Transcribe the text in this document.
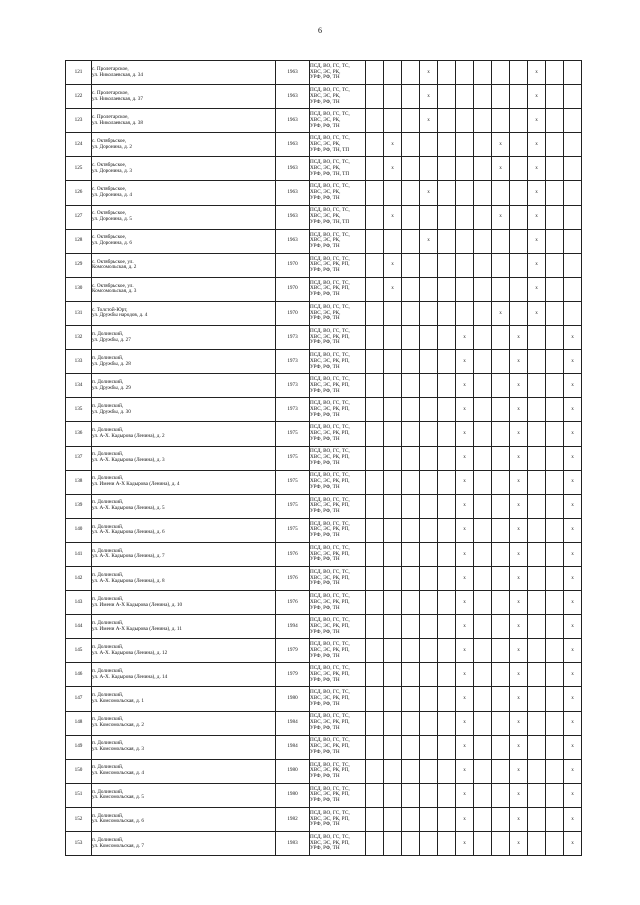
6
121	с. Пролетарское,
ул. Николаевская, д. 34	1963	ПСД, ВО, ГС, ТС,
ХВС, ЭС, РК,
УРФ, РФ, ТН				x						x		
122	с. Пролетарское,
ул. Николаевская, д. 37	1963	ПСД, ВО, ГС, ТС,
ХВС, ЭС, РК,
УРФ, РФ, ТН				x						x		
123	с. Пролетарское,
ул. Николаевская, д. 38	1963	ПСД, ВО, ГС, ТС,
ХВС, ЭС, РК,
УРФ, РФ, ТН				x						x		
124	с. Октябрьское,
ул. Доронина, д. 2	1963	ПСД, ВО, ГС, ТС,
ХВС, ЭС, РК,
УРФ, РФ, ТН, ТП		x						x		x		
125	с. Октябрьское,
ул. Доронина, д. 3	1963	ПСД, ВО, ГС, ТС,
ХВС, ЭС, РК,
УРФ, РФ, ТН, ТП		x						x		x		
126	с. Октябрьское,
ул. Доронина, д. 4	1963	ПСД, ВО, ГС, ТС,
ХВС, ЭС, РК,
УРФ, РФ, ТН				x						x		
127	с. Октябрьское,
ул. Доронина, д. 5	1963	ПСД, ВО, ГС, ТС,
ХВС, ЭС, РК,
УРФ, РФ, ТН, ТП		x						x		x		
128	с. Октябрьское,
ул. Доронина, д. 6	1963	ПСД, ВО, ГС, ТС,
ХВС, ЭС, РК,
УРФ, РФ, ТН				x						x		
129	с. Октябрьское, ул.
Комсомольская, д. 2	1970	ПСД, ВО, ГС, ТС,
ХВС, ЭС, РК, РП,
УРФ, РФ, ТН		x								x		
130	с. Октябрьское, ул.
Комсомольская, д. 3	1970	ПСД, ВО, ГС, ТС,
ХВС, ЭС, РК, РП,
УРФ, РФ, ТН		x								x		
131	с. Толстой-Юрт,
ул. Дружбы народов, д. 4	1970	ПСД, ВО, ГС, ТС,
ХВС, ЭС, РК,
УРФ, РФ, ТН								x		x		
132	п. Долинский,
ул. Дружбы, д. 27	1973	ПСД, ВО, ГС, ТС,
ХВС, ЭС, РК, РП,
УРФ, РФ, ТН						x			x			x
133	п. Долинский,
ул. Дружбы, д. 28	1973	ПСД, ВО, ГС, ТС,
ХВС, ЭС, РК, РП,
УРФ, РФ, ТН						x			x			x
134	п. Долинский,
ул. Дружбы, д. 29	1973	ПСД, ВО, ГС, ТС,
ХВС, ЭС, РК, РП,
УРФ, РФ, ТН						x			x			x
135	п. Долинский,
ул. Дружбы, д. 30	1973	ПСД, ВО, ГС, ТС,
ХВС, ЭС, РК, РП,
УРФ, РФ, ТН						x			x			x
136	п. Долинский,
ул. А-Х. Кадырова (Ленина), д. 2	1975	ПСД, ВО, ГС, ТС,
ХВС, ЭС, РК, РП,
УРФ, РФ, ТН						x			x			x
137	п. Долинский,
ул. А-Х. Кадырова (Ленина), д. 3	1975	ПСД, ВО, ГС, ТС,
ХВС, ЭС, РК, РП,
УРФ, РФ, ТН						x			x			x
138	п. Долинский,
ул. Имени А-Х Кадырова (Ленина), д. 4	1975	ПСД, ВО, ГС, ТС,
ХВС, ЭС, РК, РП,
УРФ, РФ, ТН						x			x			x
139	п. Долинский,
ул. А-Х. Кадырова (Ленина), д. 5	1975	ПСД, ВО, ГС, ТС,
ХВС, ЭС, РК, РП,
УРФ, РФ, ТН						x			x			x
140	п. Долинский,
ул. А-Х. Кадырова (Ленина), д. 6	1975	ПСД, ВО, ГС, ТС,
ХВС, ЭС, РК, РП,
УРФ, РФ, ТН						x			x			x
141	п. Долинский,
ул. А-Х. Кадырова (Ленина), д. 7	1976	ПСД, ВО, ГС, ТС,
ХВС, ЭС, РК, РП,
УРФ, РФ, ТН						x			x			x
142	п. Долинский,
ул. А-Х. Кадырова (Ленина), д. 8	1976	ПСД, ВО, ГС, ТС,
ХВС, ЭС, РК, РП,
УРФ, РФ, ТН						x			x			x
143	п. Долинский,
ул. Имени А-Х Кадырова (Ленина), д. 10	1976	ПСД, ВО, ГС, ТС,
ХВС, ЭС, РК, РП,
УРФ, РФ, ТН						x			x			x
144	п. Долинский,
ул. Имени А-Х Кадырова (Ленина), д. 11	1994	ПСД, ВО, ГС, ТС,
ХВС, ЭС, РК, РП,
УРФ, РФ, ТН						x			x			x
145	п. Долинский,
ул. А-Х. Кадырова (Ленина), д. 12	1979	ПСД, ВО, ГС, ТС,
ХВС, ЭС, РК, РП,
УРФ, РФ, ТН						x			x			x
146	п. Долинский,
ул. А-Х. Кадырова (Ленина), д. 14	1979	ПСД, ВО, ГС, ТС,
ХВС, ЭС, РК, РП,
УРФ, РФ, ТН						x			x			x
147	п. Долинский,
ул. Комсомольская, д. 1	1980	ПСД, ВО, ГС, ТС,
ХВС, ЭС, РК, РП,
УРФ, РФ, ТН						x			x			x
148	п. Долинский,
ул. Комсомольская, д. 2	1984	ПСД, ВО, ГС, ТС,
ХВС, ЭС, РК, РП,
УРФ, РФ, ТН						x			x			x
149	п. Долинский,
ул. Комсомольская, д. 3	1984	ПСД, ВО, ГС, ТС,
ХВС, ЭС, РК, РП,
УРФ, РФ, ТН						x			x			x
150	п. Долинский,
ул. Комсомольская, д. 4	1980	ПСД, ВО, ГС, ТС,
ХВС, ЭС, РК, РП,
УРФ, РФ, ТН						x			x			x
151	п. Долинский,
ул. Комсомольская, д. 5	1980	ПСД, ВО, ГС, ТС,
ХВС, ЭС, РК, РП,
УРФ, РФ, ТН						x			x			x
152	п. Долинский,
ул. Комсомольская, д. 6	1982	ПСД, ВО, ГС, ТС,
ХВС, ЭС, РК, РП,
УРФ, РФ, ТН						x			x			x
153	п. Долинский,
ул. Комсомольская, д. 7	1983	ПСД, ВО, ГС, ТС,
ХВС, ЭС, РК, РП,
УРФ, РФ, ТН						x			x			x
